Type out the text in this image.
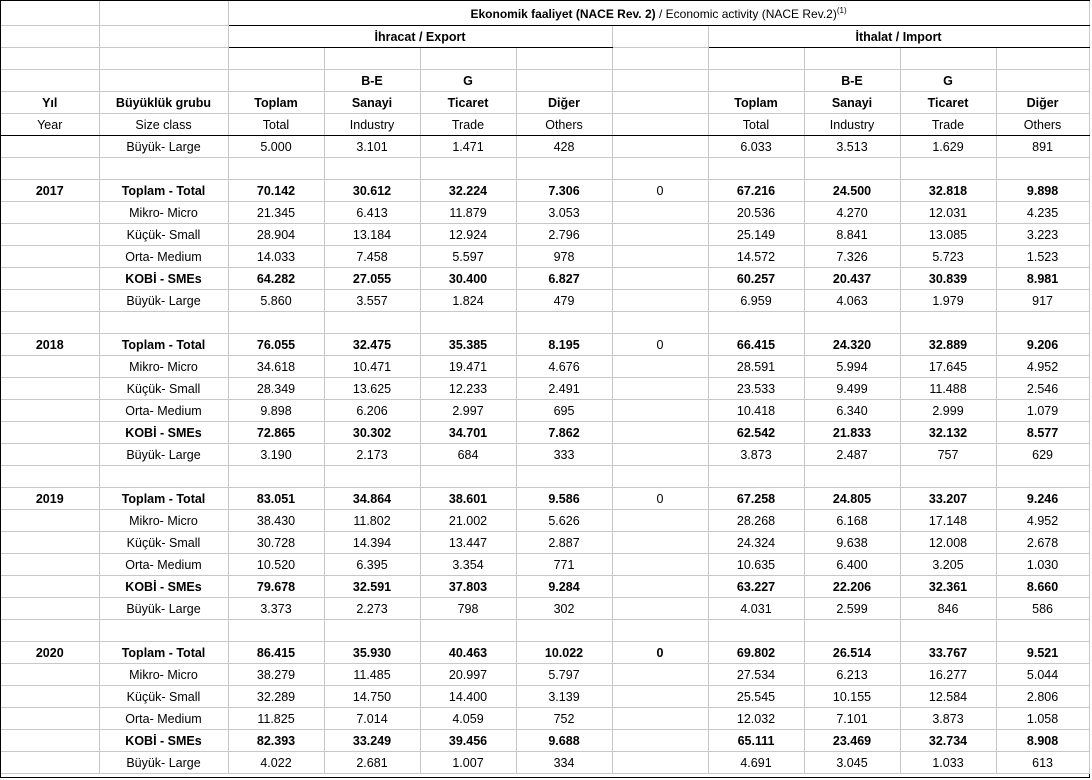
		Ekonomik faaliyet (NACE Rev. 2) / Economic activity (NACE Rev.2)$^{(1)}$
		İhracat / Export					İthalat / Import			

			B-E	G				B-E	G	
Yıl	Büyüklük grubu	Toplam	Sanayi	Ticaret	Diğer		Toplam	Sanayi	Ticaret	Diğer
Year	Size class	Total	Industry	Trade	Others		Total	Industry	Trade	Others
	Büyük- Large	5.000	3.101	1.471	428		6.033	3.513	1.629	891

2017	Toplam - Total	70.142	30.612	32.224	7.306	0	67.216	24.500	32.818	9.898
	Mikro- Micro	21.345	6.413	11.879	3.053		20.536	4.270	12.031	4.235
	Küçük- Small	28.904	13.184	12.924	2.796		25.149	8.841	13.085	3.223
	Orta- Medium	14.033	7.458	5.597	978		14.572	7.326	5.723	1.523
	KOBİ - SMEs	64.282	27.055	30.400	6.827		60.257	20.437	30.839	8.981
	Büyük- Large	5.860	3.557	1.824	479		6.959	4.063	1.979	917

2018	Toplam - Total	76.055	32.475	35.385	8.195	0	66.415	24.320	32.889	9.206
	Mikro- Micro	34.618	10.471	19.471	4.676		28.591	5.994	17.645	4.952
	Küçük- Small	28.349	13.625	12.233	2.491		23.533	9.499	11.488	2.546
	Orta- Medium	9.898	6.206	2.997	695		10.418	6.340	2.999	1.079
	KOBİ - SMEs	72.865	30.302	34.701	7.862		62.542	21.833	32.132	8.577
	Büyük- Large	3.190	2.173	684	333		3.873	2.487	757	629

2019	Toplam - Total	83.051	34.864	38.601	9.586	0	67.258	24.805	33.207	9.246
	Mikro- Micro	38.430	11.802	21.002	5.626		28.268	6.168	17.148	4.952
	Küçük- Small	30.728	14.394	13.447	2.887		24.324	9.638	12.008	2.678
	Orta- Medium	10.520	6.395	3.354	771		10.635	6.400	3.205	1.030
	KOBİ - SMEs	79.678	32.591	37.803	9.284		63.227	22.206	32.361	8.660
	Büyük- Large	3.373	2.273	798	302		4.031	2.599	846	586

2020	Toplam - Total	86.415	35.930	40.463	10.022	0	69.802	26.514	33.767	9.521
	Mikro- Micro	38.279	11.485	20.997	5.797		27.534	6.213	16.277	5.044
	Küçük- Small	32.289	14.750	14.400	3.139		25.545	10.155	12.584	2.806
	Orta- Medium	11.825	7.014	4.059	752		12.032	7.101	3.873	1.058
	KOBİ - SMEs	82.393	33.249	39.456	9.688		65.111	23.469	32.734	8.908
	Büyük- Large	4.022	2.681	1.007	334		4.691	3.045	1.033	613
